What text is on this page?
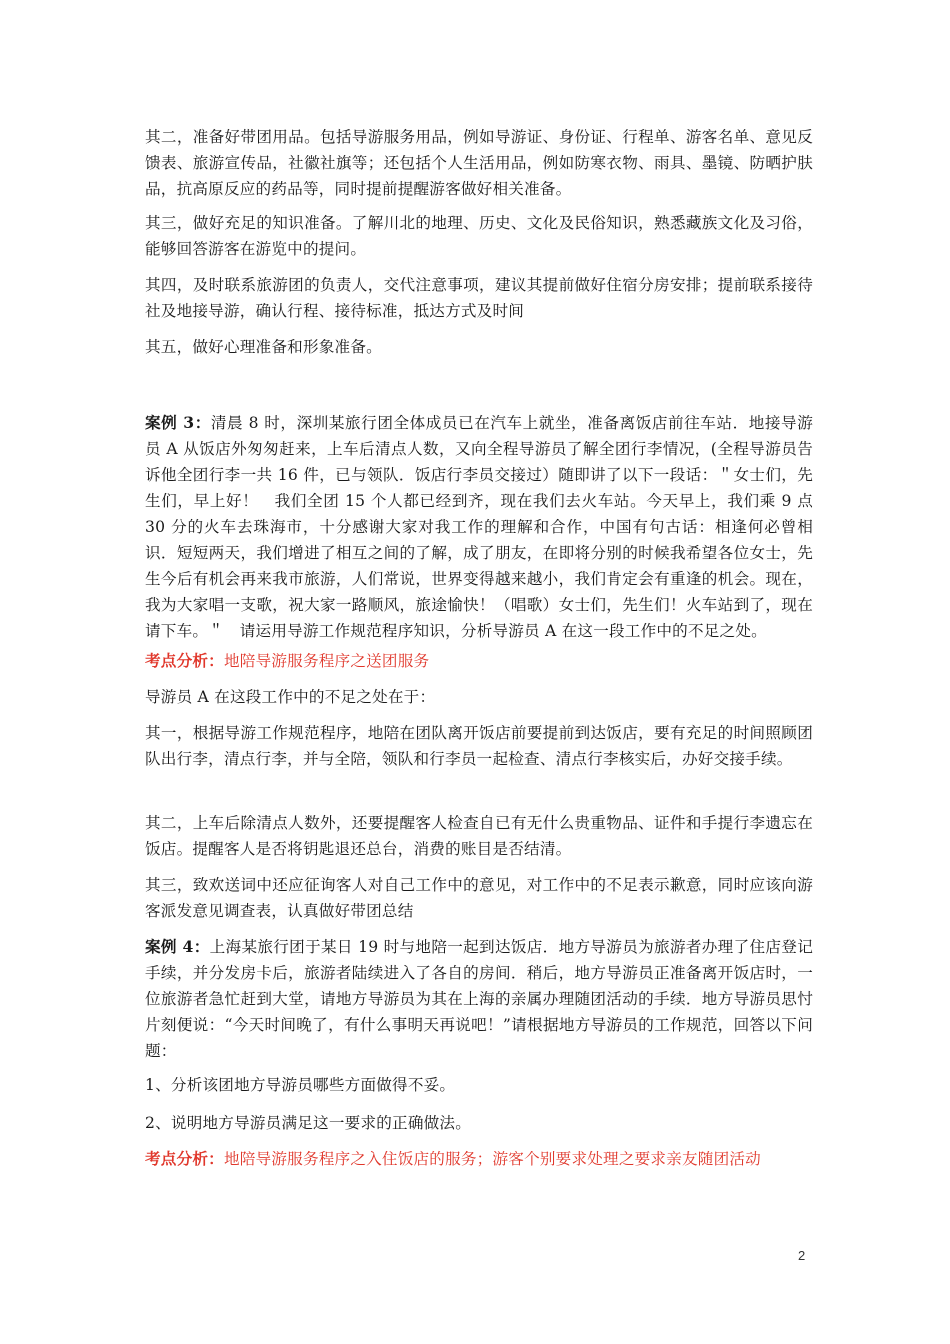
其二，准备好带团用品。包括导游服务用品，例如导游证、身份证、行程单、游客名单、意见反馈表、旅游宣传品，社徽社旗等；还包括个人生活用品，例如防寒衣物、雨具、墨镜、防晒护肤品，抗高原反应的药品等，同时提前提醒游客做好相关准备。

其三，做好充足的知识准备。了解川北的地理、历史、文化及民俗知识，熟悉藏族文化及习俗，能够回答游客在游览中的提问。

其四，及时联系旅游团的负责人，交代注意事项，建议其提前做好住宿分房安排；提前联系接待社及地接导游，确认行程、接待标准，抵达方式及时间

其五，做好心理准备和形象准备。

案例 3：清晨 8 时，深圳某旅行团全体成员已在汽车上就坐，准备离饭店前往车站．地接导游员 A 从饭店外匆匆赶来，上车后清点人数，又向全程导游员了解全团行李情况，(全程导游员告诉他全团行李一共 16 件，已与领队．饭店行李员交接过）随即讲了以下一段话：＂女士们，先生们，早上好！　我们全团 15 个人都已经到齐，现在我们去火车站。今天早上，我们乘 9 点 30 分的火车去珠海市，十分感谢大家对我工作的理解和合作，中国有句古话：相逢何必曾相识．短短两天，我们增进了相互之间的了解，成了朋友，在即将分别的时候我希望各位女士，先生今后有机会再来我市旅游，人们常说，世界变得越来越小，我们肯定会有重逢的机会。现在，我为大家唱一支歌，祝大家一路顺风，旅途愉快！（唱歌）女士们，先生们！火车站到了，现在请下车。＂　请运用导游工作规范程序知识，分析导游员 A 在这一段工作中的不足之处。

考点分析：地陪导游服务程序之送团服务

导游员 A 在这段工作中的不足之处在于：

其一，根据导游工作规范程序，地陪在团队离开饭店前要提前到达饭店，要有充足的时间照顾团队出行李，清点行李，并与全陪，领队和行李员一起检查、清点行李核实后，办好交接手续。

其二，上车后除清点人数外，还要提醒客人检查自已有无什么贵重物品、证件和手提行李遗忘在饭店。提醒客人是否将钥匙退还总台，消费的账目是否结清。

其三，致欢送词中还应征询客人对自己工作中的意见，对工作中的不足表示歉意，同时应该向游客派发意见调查表，认真做好带团总结

案例 4：上海某旅行团于某日 19 时与地陪一起到达饭店．地方导游员为旅游者办理了住店登记手续，并分发房卡后，旅游者陆续进入了各自的房间．稍后，地方导游员正准备离开饭店时，一位旅游者急忙赶到大堂，请地方导游员为其在上海的亲属办理随团活动的手续．地方导游员思忖片刻便说：“今天时间晚了，有什么事明天再说吧！”请根据地方导游员的工作规范，回答以下问题：

1、分析该团地方导游员哪些方面做得不妥。

2、说明地方导游员满足这一要求的正确做法。

考点分析：地陪导游服务程序之入住饭店的服务；游客个别要求处理之要求亲友随团活动

2
